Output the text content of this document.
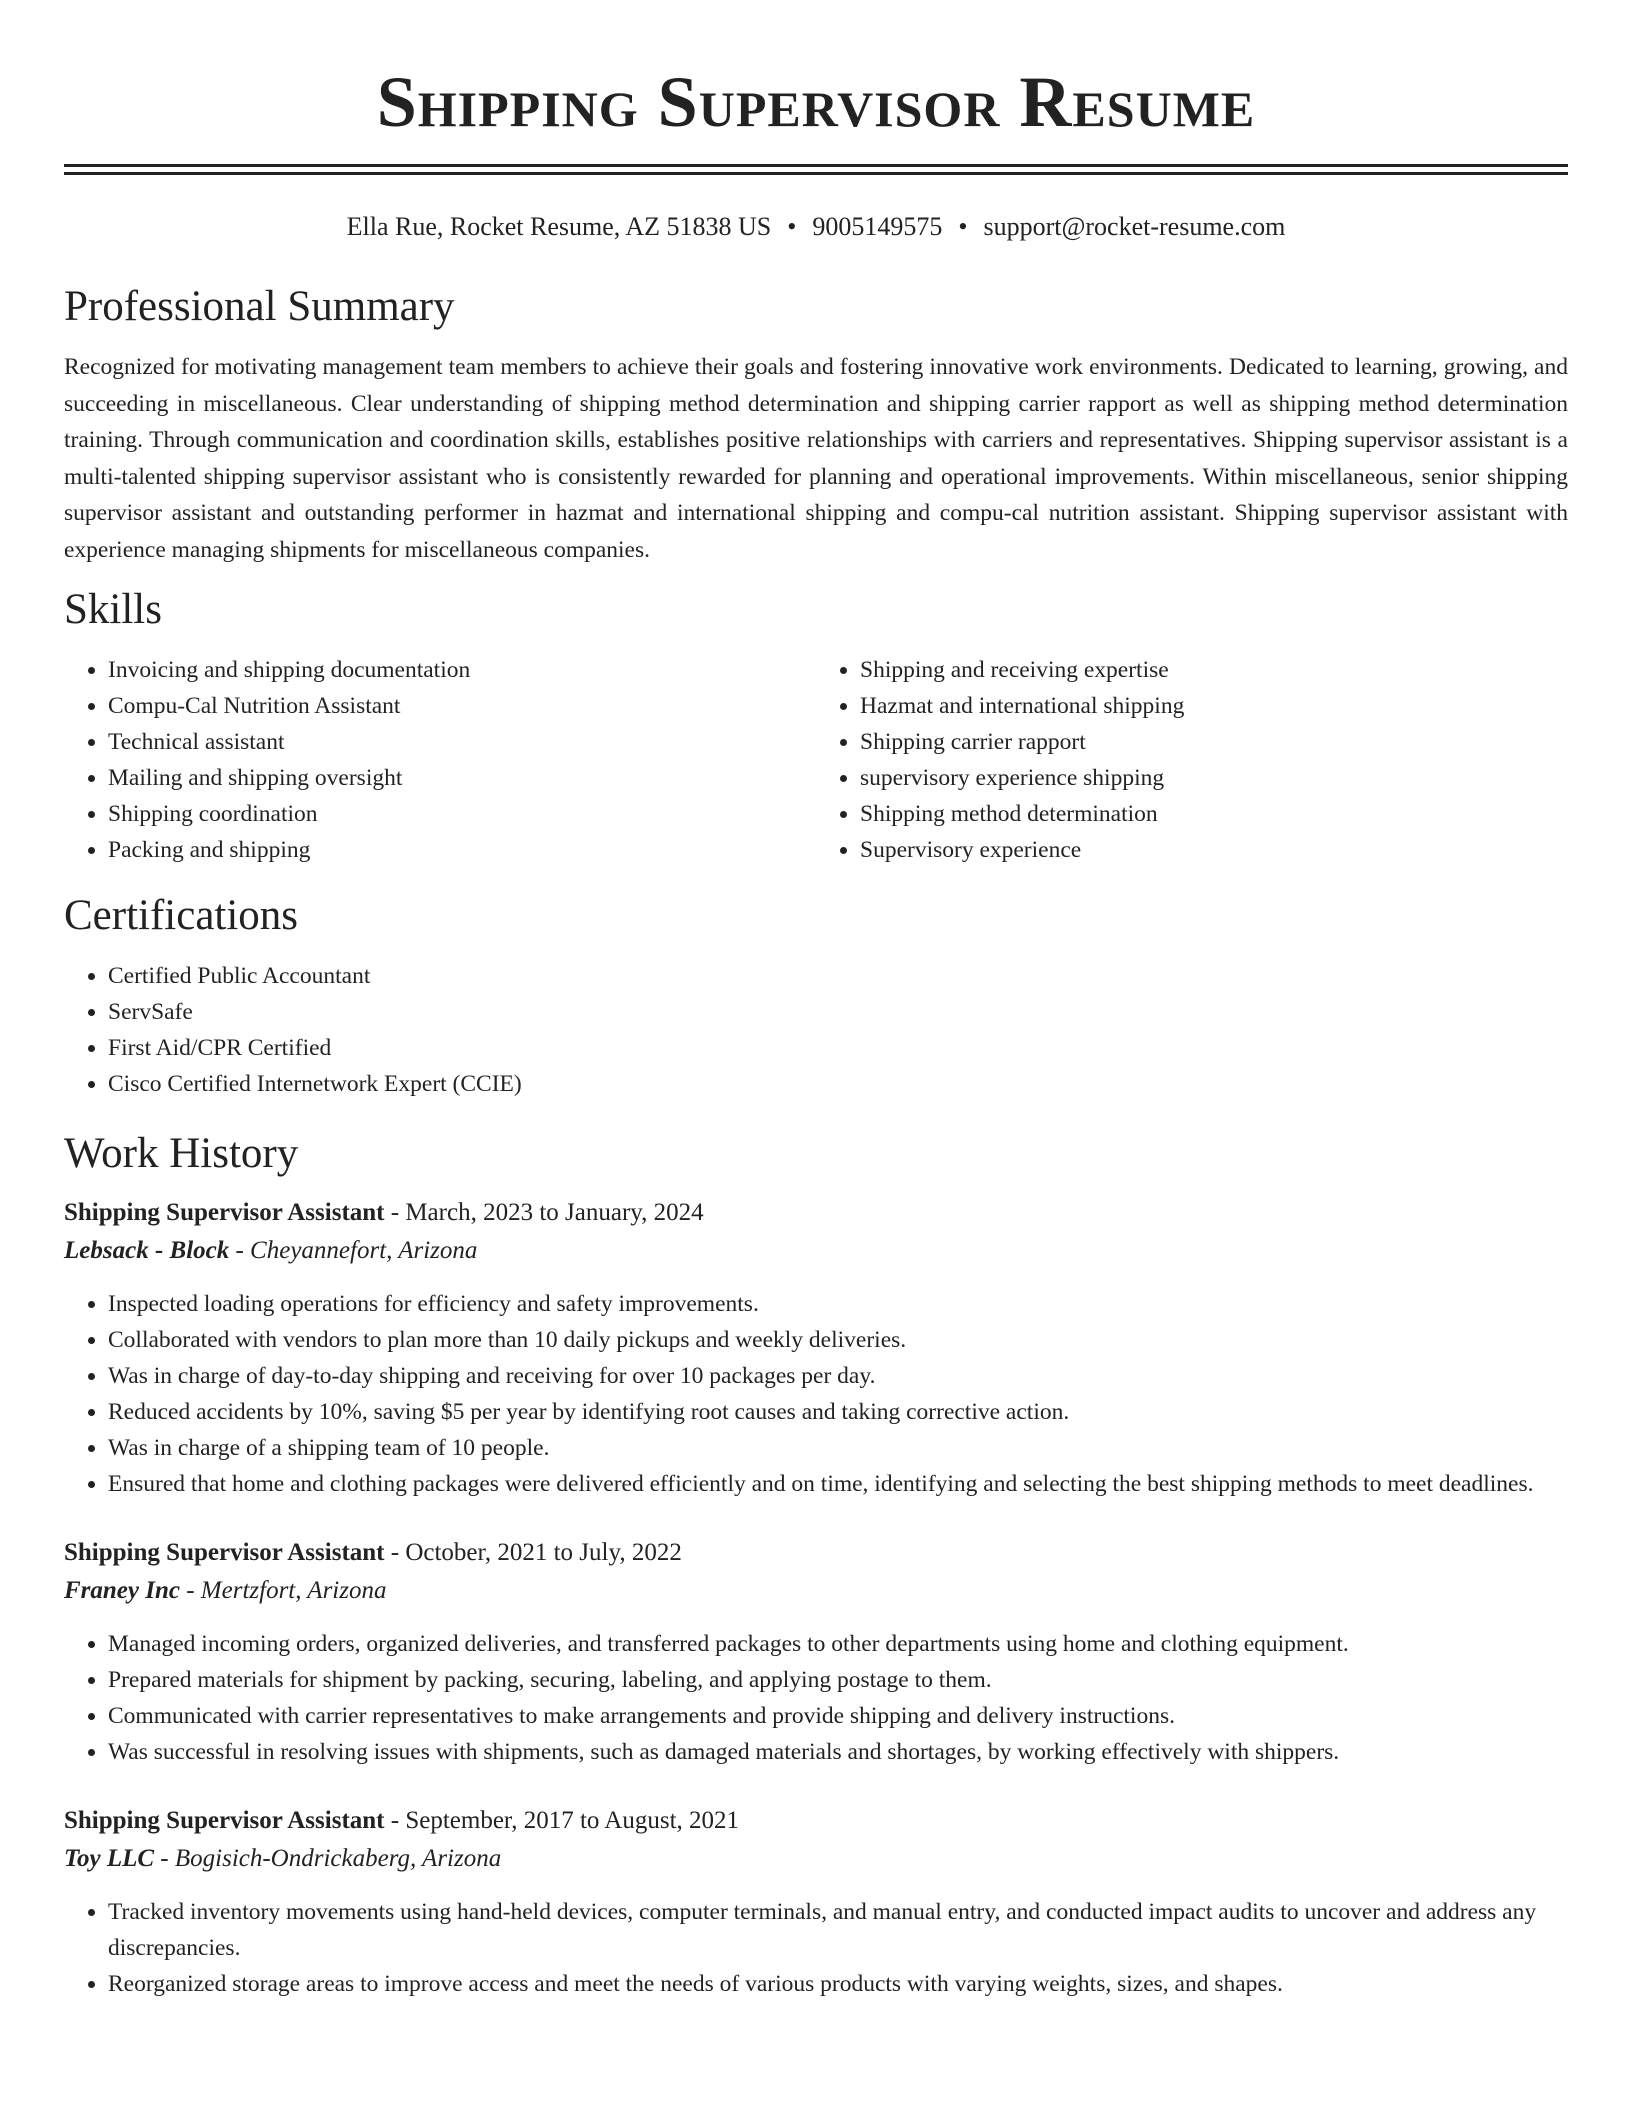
Shipping Supervisor Resume
Ella Rue, Rocket Resume, AZ 51838 US • 9005149575 • support@rocket-resume.com
Professional Summary
Recognized for motivating management team members to achieve their goals and fostering innovative work environments. Dedicated to learning, growing, and succeeding in miscellaneous. Clear understanding of shipping method determination and shipping carrier rapport as well as shipping method determination training. Through communication and coordination skills, establishes positive relationships with carriers and representatives. Shipping supervisor assistant is a multi-talented shipping supervisor assistant who is consistently rewarded for planning and operational improvements. Within miscellaneous, senior shipping supervisor assistant and outstanding performer in hazmat and international shipping and compu-cal nutrition assistant. Shipping supervisor assistant with experience managing shipments for miscellaneous companies.
Skills
• Invoicing and shipping documentation
• Compu-Cal Nutrition Assistant
• Technical assistant
• Mailing and shipping oversight
• Shipping coordination
• Packing and shipping
• Shipping and receiving expertise
• Hazmat and international shipping
• Shipping carrier rapport
• supervisory experience shipping
• Shipping method determination
• Supervisory experience
Certifications
• Certified Public Accountant
• ServSafe
• First Aid/CPR Certified
• Cisco Certified Internetwork Expert (CCIE)
Work History
Shipping Supervisor Assistant - March, 2023 to January, 2024
Lebsack - Block - Cheyannefort, Arizona
• Inspected loading operations for efficiency and safety improvements.
• Collaborated with vendors to plan more than 10 daily pickups and weekly deliveries.
• Was in charge of day-to-day shipping and receiving for over 10 packages per day.
• Reduced accidents by 10%, saving $5 per year by identifying root causes and taking corrective action.
• Was in charge of a shipping team of 10 people.
• Ensured that home and clothing packages were delivered efficiently and on time, identifying and selecting the best shipping methods to meet deadlines.
Shipping Supervisor Assistant - October, 2021 to July, 2022
Franey Inc - Mertzfort, Arizona
• Managed incoming orders, organized deliveries, and transferred packages to other departments using home and clothing equipment.
• Prepared materials for shipment by packing, securing, labeling, and applying postage to them.
• Communicated with carrier representatives to make arrangements and provide shipping and delivery instructions.
• Was successful in resolving issues with shipments, such as damaged materials and shortages, by working effectively with shippers.
Shipping Supervisor Assistant - September, 2017 to August, 2021
Toy LLC - Bogisich-Ondrickaberg, Arizona
• Tracked inventory movements using hand-held devices, computer terminals, and manual entry, and conducted impact audits to uncover and address any discrepancies.
• Reorganized storage areas to improve access and meet the needs of various products with varying weights, sizes, and shapes.
